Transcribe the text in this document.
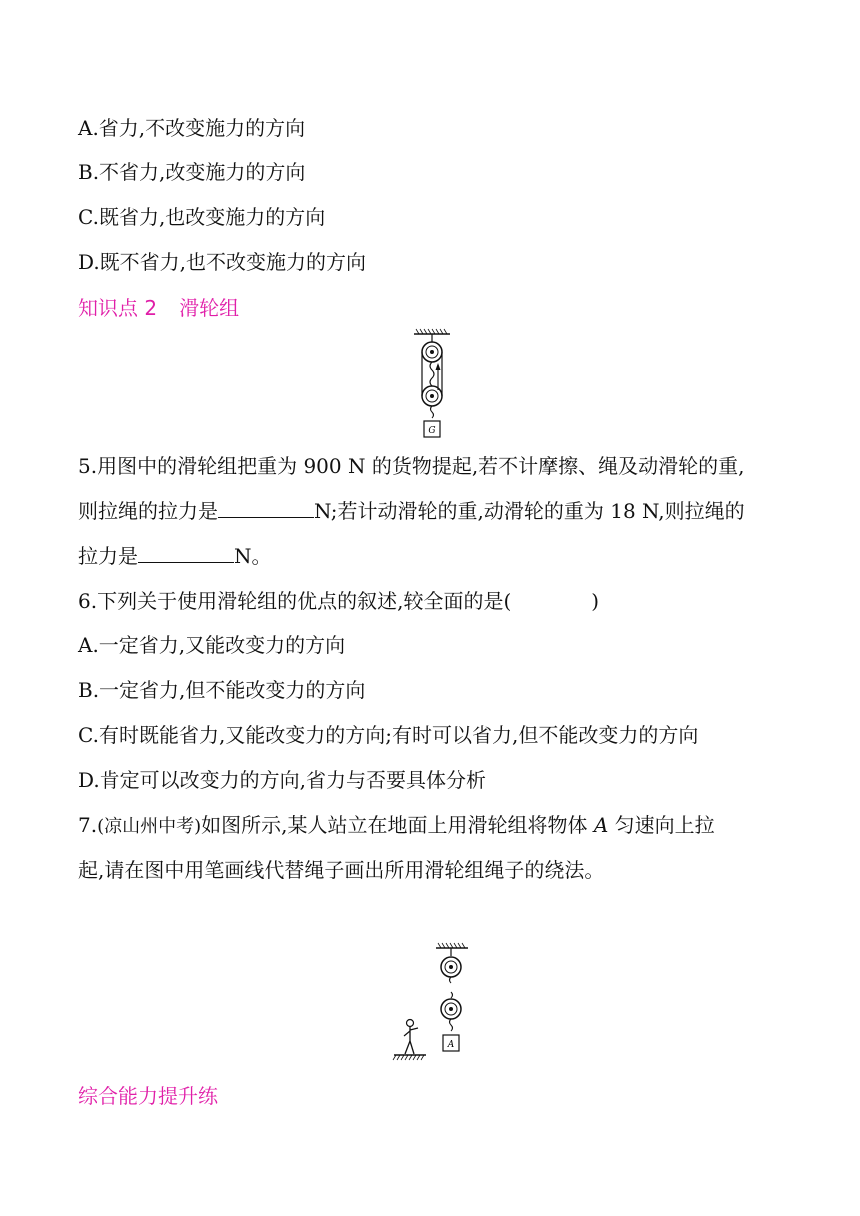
A.省力,不改变施力的方向
B.不省力,改变施力的方向
C.既省力,也改变施力的方向
D.既不省力,也不改变施力的方向
知识点 2 滑轮组
G
5.用图中的滑轮组把重为 900 N 的货物提起,若不计摩擦、绳及动滑轮的重,
则拉绳的拉力是	N;若计动滑轮的重,动滑轮的重为 18 N,则拉绳的
拉力是	N。
6.下列关于使用滑轮组的优点的叙述,较全面的是(	)
A.一定省力,又能改变力的方向
B.一定省力,但不能改变力的方向
C.有时既能省力,又能改变力的方向;有时可以省力,但不能改变力的方向
D.肯定可以改变力的方向,省力与否要具体分析
7.(凉山州中考)如图所示,某人站立在地面上用滑轮组将物体 A 匀速向上拉
起,请在图中用笔画线代替绳子画出所用滑轮组绳子的绕法。
A
综合能力提升练
